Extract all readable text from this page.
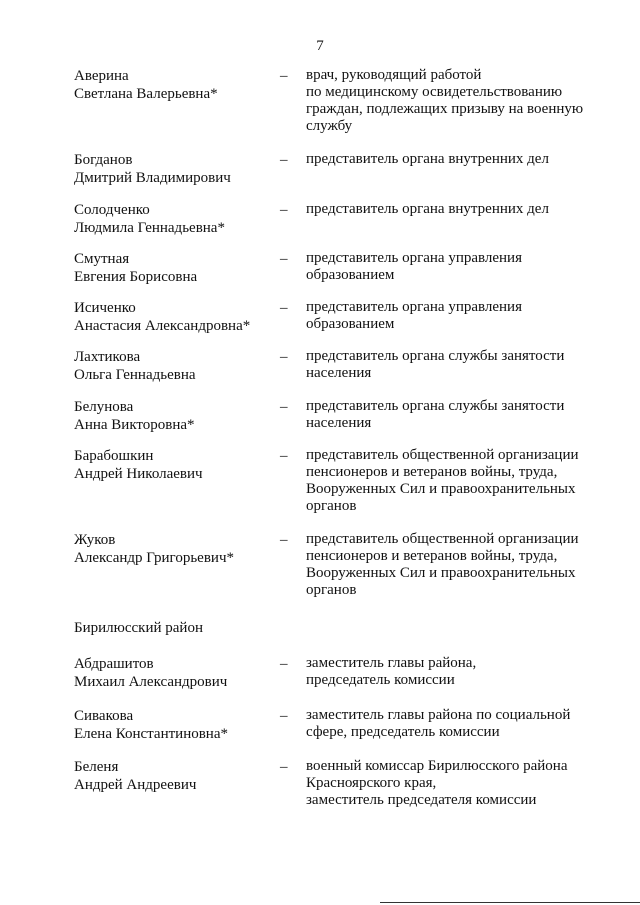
7
Аверина
Светлана Валерьевна*
– врач, руководящий работой
по медицинскому освидетельствованию
граждан, подлежащих призыву на военную
службу
Богданов
Дмитрий Владимирович
– представитель органа внутренних дел
Солодченко
Людмила Геннадьевна*
– представитель органа внутренних дел
Смутная
Евгения Борисовна
– представитель органа управления
образованием
Исиченко
Анастасия Александровна*
– представитель органа управления
образованием
Лахтикова
Ольга Геннадьевна
– представитель органа службы занятости
населения
Белунова
Анна Викторовна*
– представитель органа службы занятости
населения
Барабошкин
Андрей Николаевич
– представитель общественной организации
пенсионеров и ветеранов войны, труда,
Вооруженных Сил и правоохранительных
органов
Жуков
Александр Григорьевич*
– представитель общественной организации
пенсионеров и ветеранов войны, труда,
Вооруженных Сил и правоохранительных
органов
Бирилюсский район
Абдрашитов
Михаил Александрович
– заместитель главы района,
председатель комиссии
Сивакова
Елена Константиновна*
– заместитель главы района по социальной
сфере, председатель комиссии
Беленя
Андрей Андреевич
– военный комиссар Бирилюсского района
Красноярского края,
заместитель председателя комиссии
